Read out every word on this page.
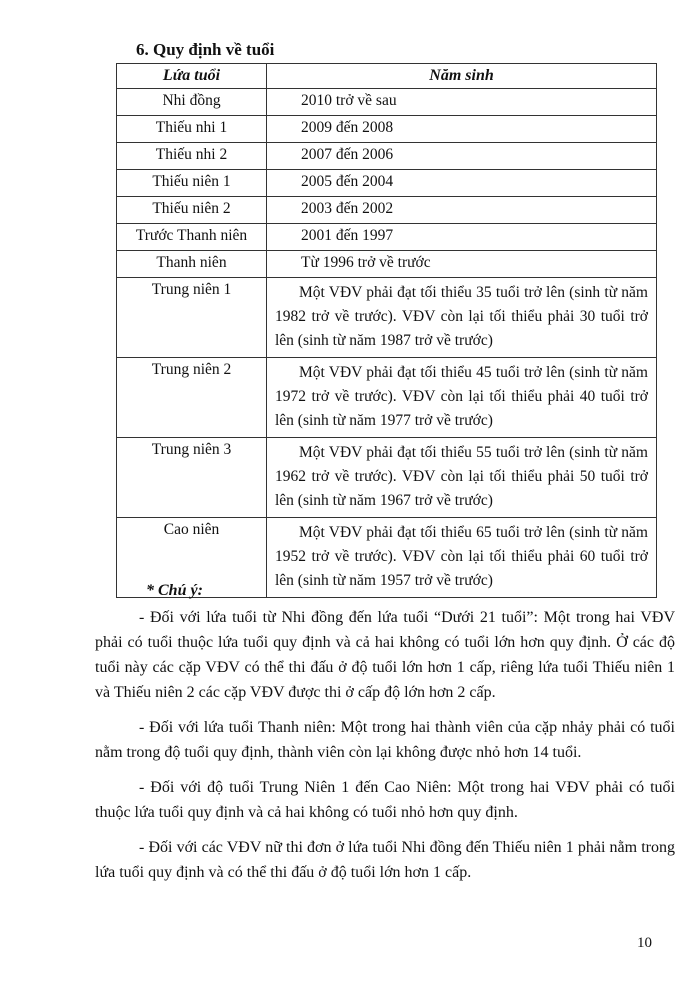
6. Quy định về tuổi
Lứa tuổi	Năm sinh
Nhi đồng	2010 trở về sau
Thiếu nhi 1	2009 đến 2008
Thiếu nhi 2	2007 đến 2006
Thiếu niên 1	2005 đến 2004
Thiếu niên 2	2003 đến 2002
Trước Thanh niên	2001 đến 1997
Thanh niên	Từ 1996 trở về trước
Trung niên 1	Một VĐV phải đạt tối thiểu 35 tuổi trở lên (sinh từ năm 1982 trở về trước). VĐV còn lại tối thiểu phải 30 tuổi trở lên (sinh từ năm 1987 trở về trước)
Trung niên 2	Một VĐV phải đạt tối thiểu 45 tuổi trở lên (sinh từ năm 1972 trở về trước). VĐV còn lại tối thiểu phải 40 tuổi trở lên (sinh từ năm 1977 trở về trước)
Trung niên 3	Một VĐV phải đạt tối thiểu 55 tuổi trở lên (sinh từ năm 1962 trở về trước). VĐV còn lại tối thiểu phải 50 tuổi trở lên (sinh từ năm 1967 trở về trước)
Cao niên	Một VĐV phải đạt tối thiểu 65 tuổi trở lên (sinh từ năm 1952 trở về trước). VĐV còn lại tối thiểu phải 60 tuổi trở lên (sinh từ năm 1957 trở về trước)
* Chú ý:

- Đối với lứa tuổi từ Nhi đồng đến lứa tuổi “Dưới 21 tuổi”: Một trong hai VĐV phải có tuổi thuộc lứa tuổi quy định và cả hai không có tuổi lớn hơn quy định. Ở các độ tuổi này các cặp VĐV có thể thi đấu ở độ tuổi lớn hơn 1 cấp, riêng lứa tuổi Thiếu niên 1 và Thiếu niên 2 các cặp VĐV được thi ở cấp độ lớn hơn 2 cấp.

- Đối với lứa tuổi Thanh niên: Một trong hai thành viên của cặp nhảy phải có tuổi nằm trong độ tuổi quy định, thành viên còn lại không được nhỏ hơn 14 tuổi.

- Đối với độ tuổi Trung Niên 1 đến Cao Niên: Một trong hai VĐV phải có tuổi thuộc lứa tuổi quy định và cả hai không có tuổi nhỏ hơn quy định.

- Đối với các VĐV nữ thi đơn ở lứa tuổi Nhi đồng đến Thiếu niên 1 phải nằm trong lứa tuổi quy định và có thể thi đấu ở độ tuổi lớn hơn 1 cấp.

10
